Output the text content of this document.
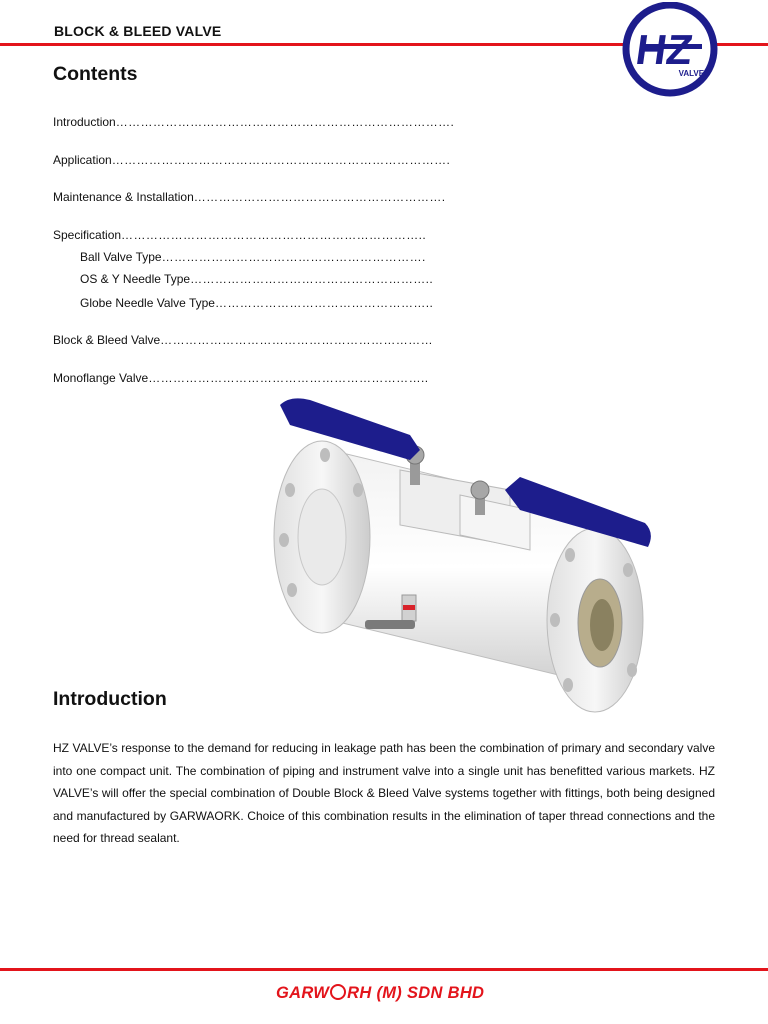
BLOCK & BLEED VALVE	HZ
VALVES
Contents
Introduction……………………………………………………………………….
Application……………………………………………………………………….
Maintenance & Installation…………………………………………………….
Specification………………………………………………………………..
Ball Valve Type……………………………………………………….
OS & Y Needle Type…………………………………………………..
Globe Needle Valve Type……………………………………………..
Block & Bleed Valve…………………………………………………………
Monoflange Valve…………………………………………………………..
Introduction
HZ VALVE’s response to the demand for reducing in leakage path has been the combination of primary and secondary valve into one compact unit. The combination of piping and instrument valve into a single unit has benefitted various markets. HZ VALVE’s will offer the special combination of Double Block & Bleed Valve systems together with fittings, both being designed and manufactured by GARWAORK. Choice of this combination results in the elimination of taper thread connections and the need for thread sealant.
GARW RH (M) SDN BHD
